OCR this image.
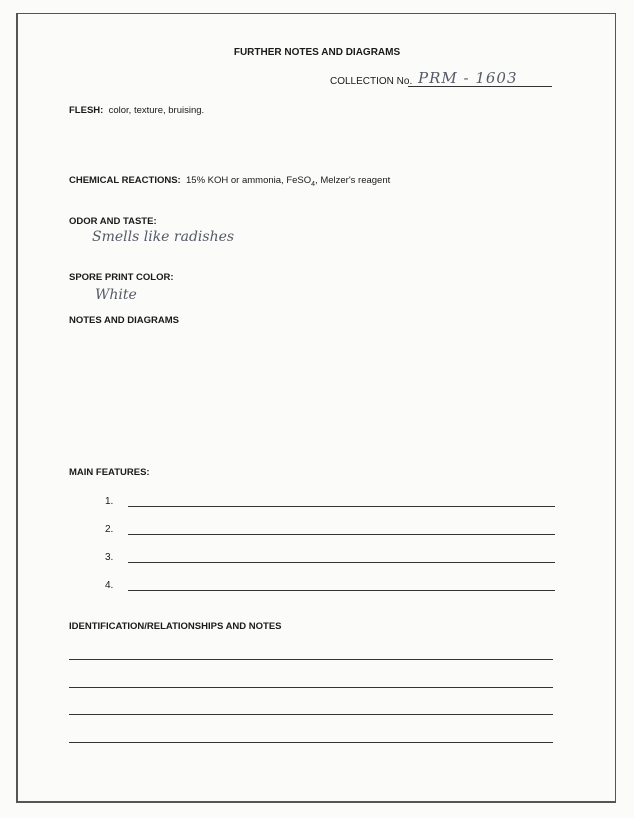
FURTHER NOTES AND DIAGRAMS
COLLECTION No. PRM - 1603
FLESH: color, texture, bruising.
CHEMICAL REACTIONS: 15% KOH or ammonia, FeSO$_4$, Melzer's reagent
ODOR AND TASTE:
Smells like radishes
SPORE PRINT COLOR:
White
NOTES AND DIAGRAMS
MAIN FEATURES:
1.
2.
3.
4.
IDENTIFICATION/RELATIONSHIPS AND NOTES
